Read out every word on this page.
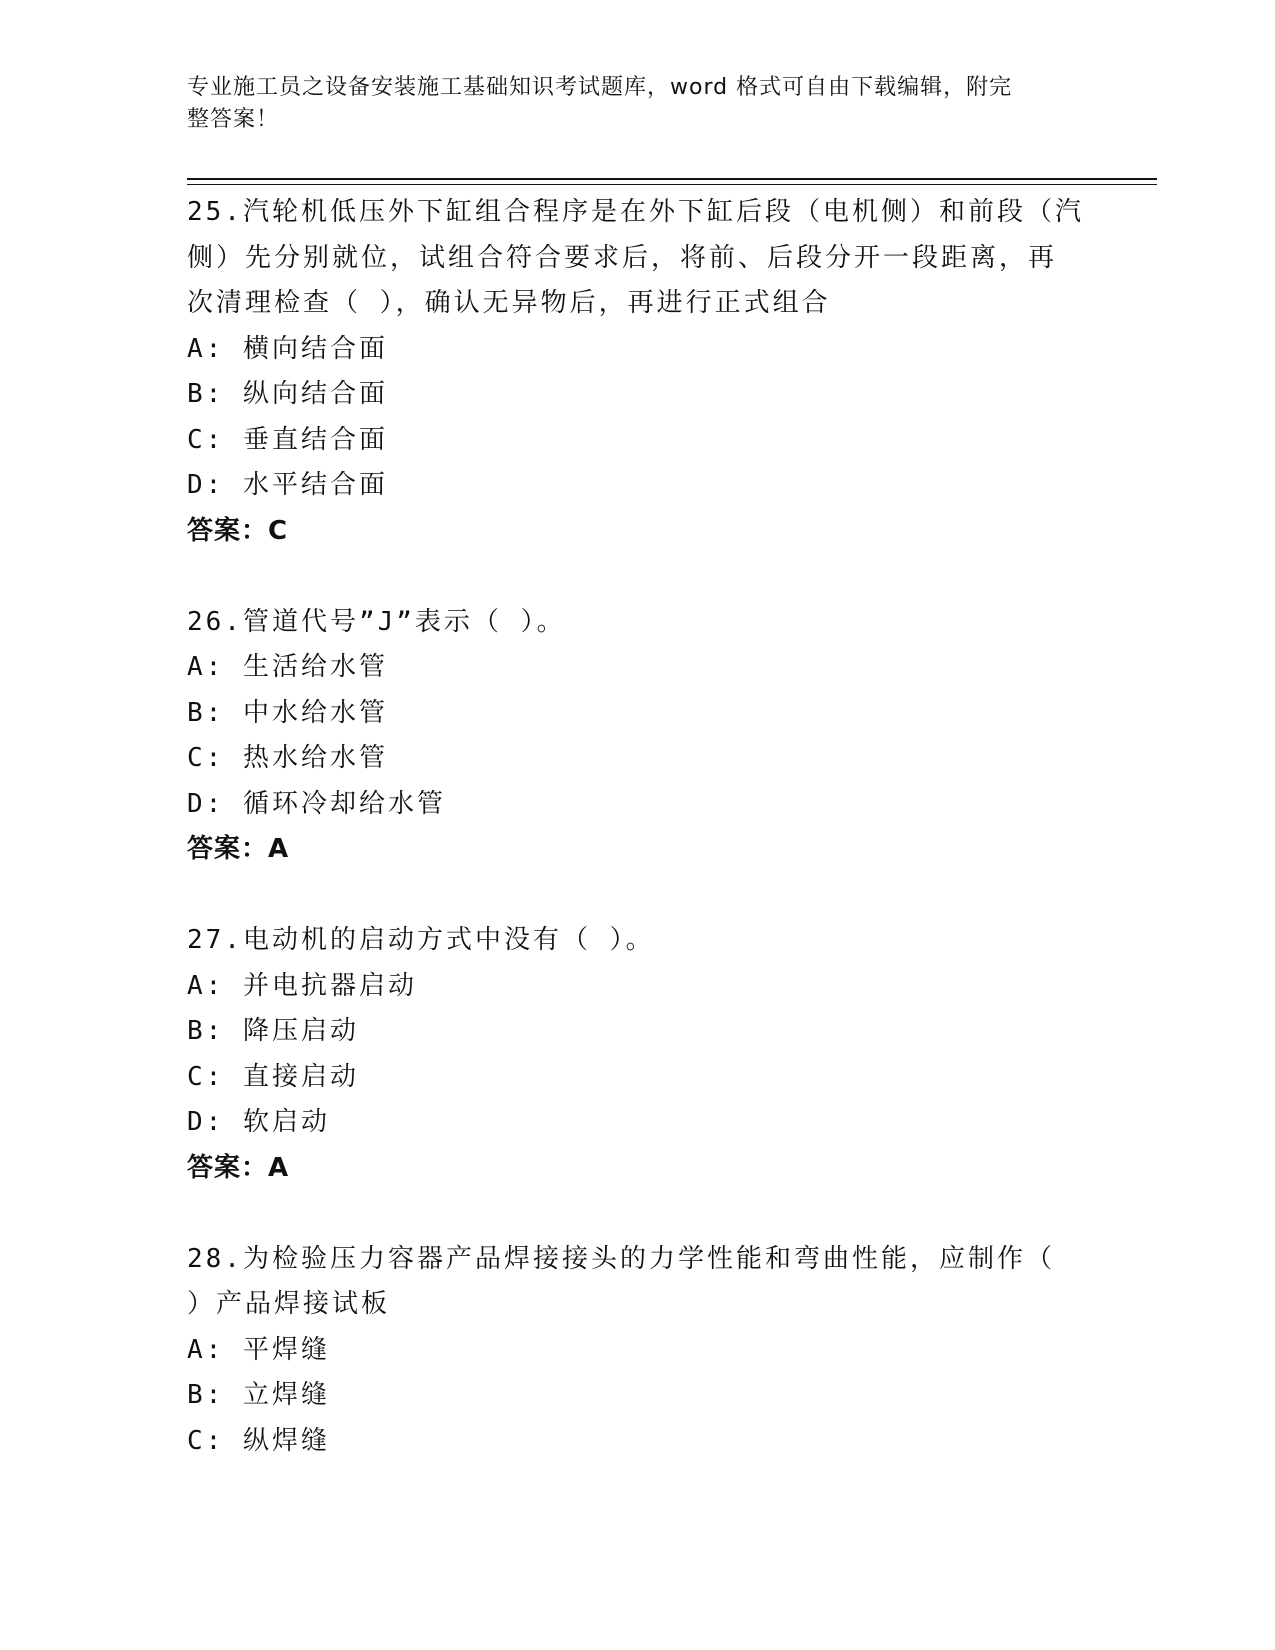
专业施工员之设备安装施工基础知识考试题库，word 格式可自由下载编辑，附完
整答案！
25.汽轮机低压外下缸组合程序是在外下缸后段（电机侧）和前段（汽
侧）先分别就位，试组合符合要求后，将前、后段分开一段距离，再
次清理检查（ ），确认无异物后，再进行正式组合
A: 横向结合面
B: 纵向结合面
C: 垂直结合面
D: 水平结合面
答案：C
26.管道代号”J”表示（ ）。
A: 生活给水管
B: 中水给水管
C: 热水给水管
D: 循环冷却给水管
答案：A
27.电动机的启动方式中没有（ ）。
A: 并电抗器启动
B: 降压启动
C: 直接启动
D: 软启动
答案：A
28.为检验压力容器产品焊接接头的力学性能和弯曲性能，应制作（
）产品焊接试板
A: 平焊缝
B: 立焊缝
C: 纵焊缝
